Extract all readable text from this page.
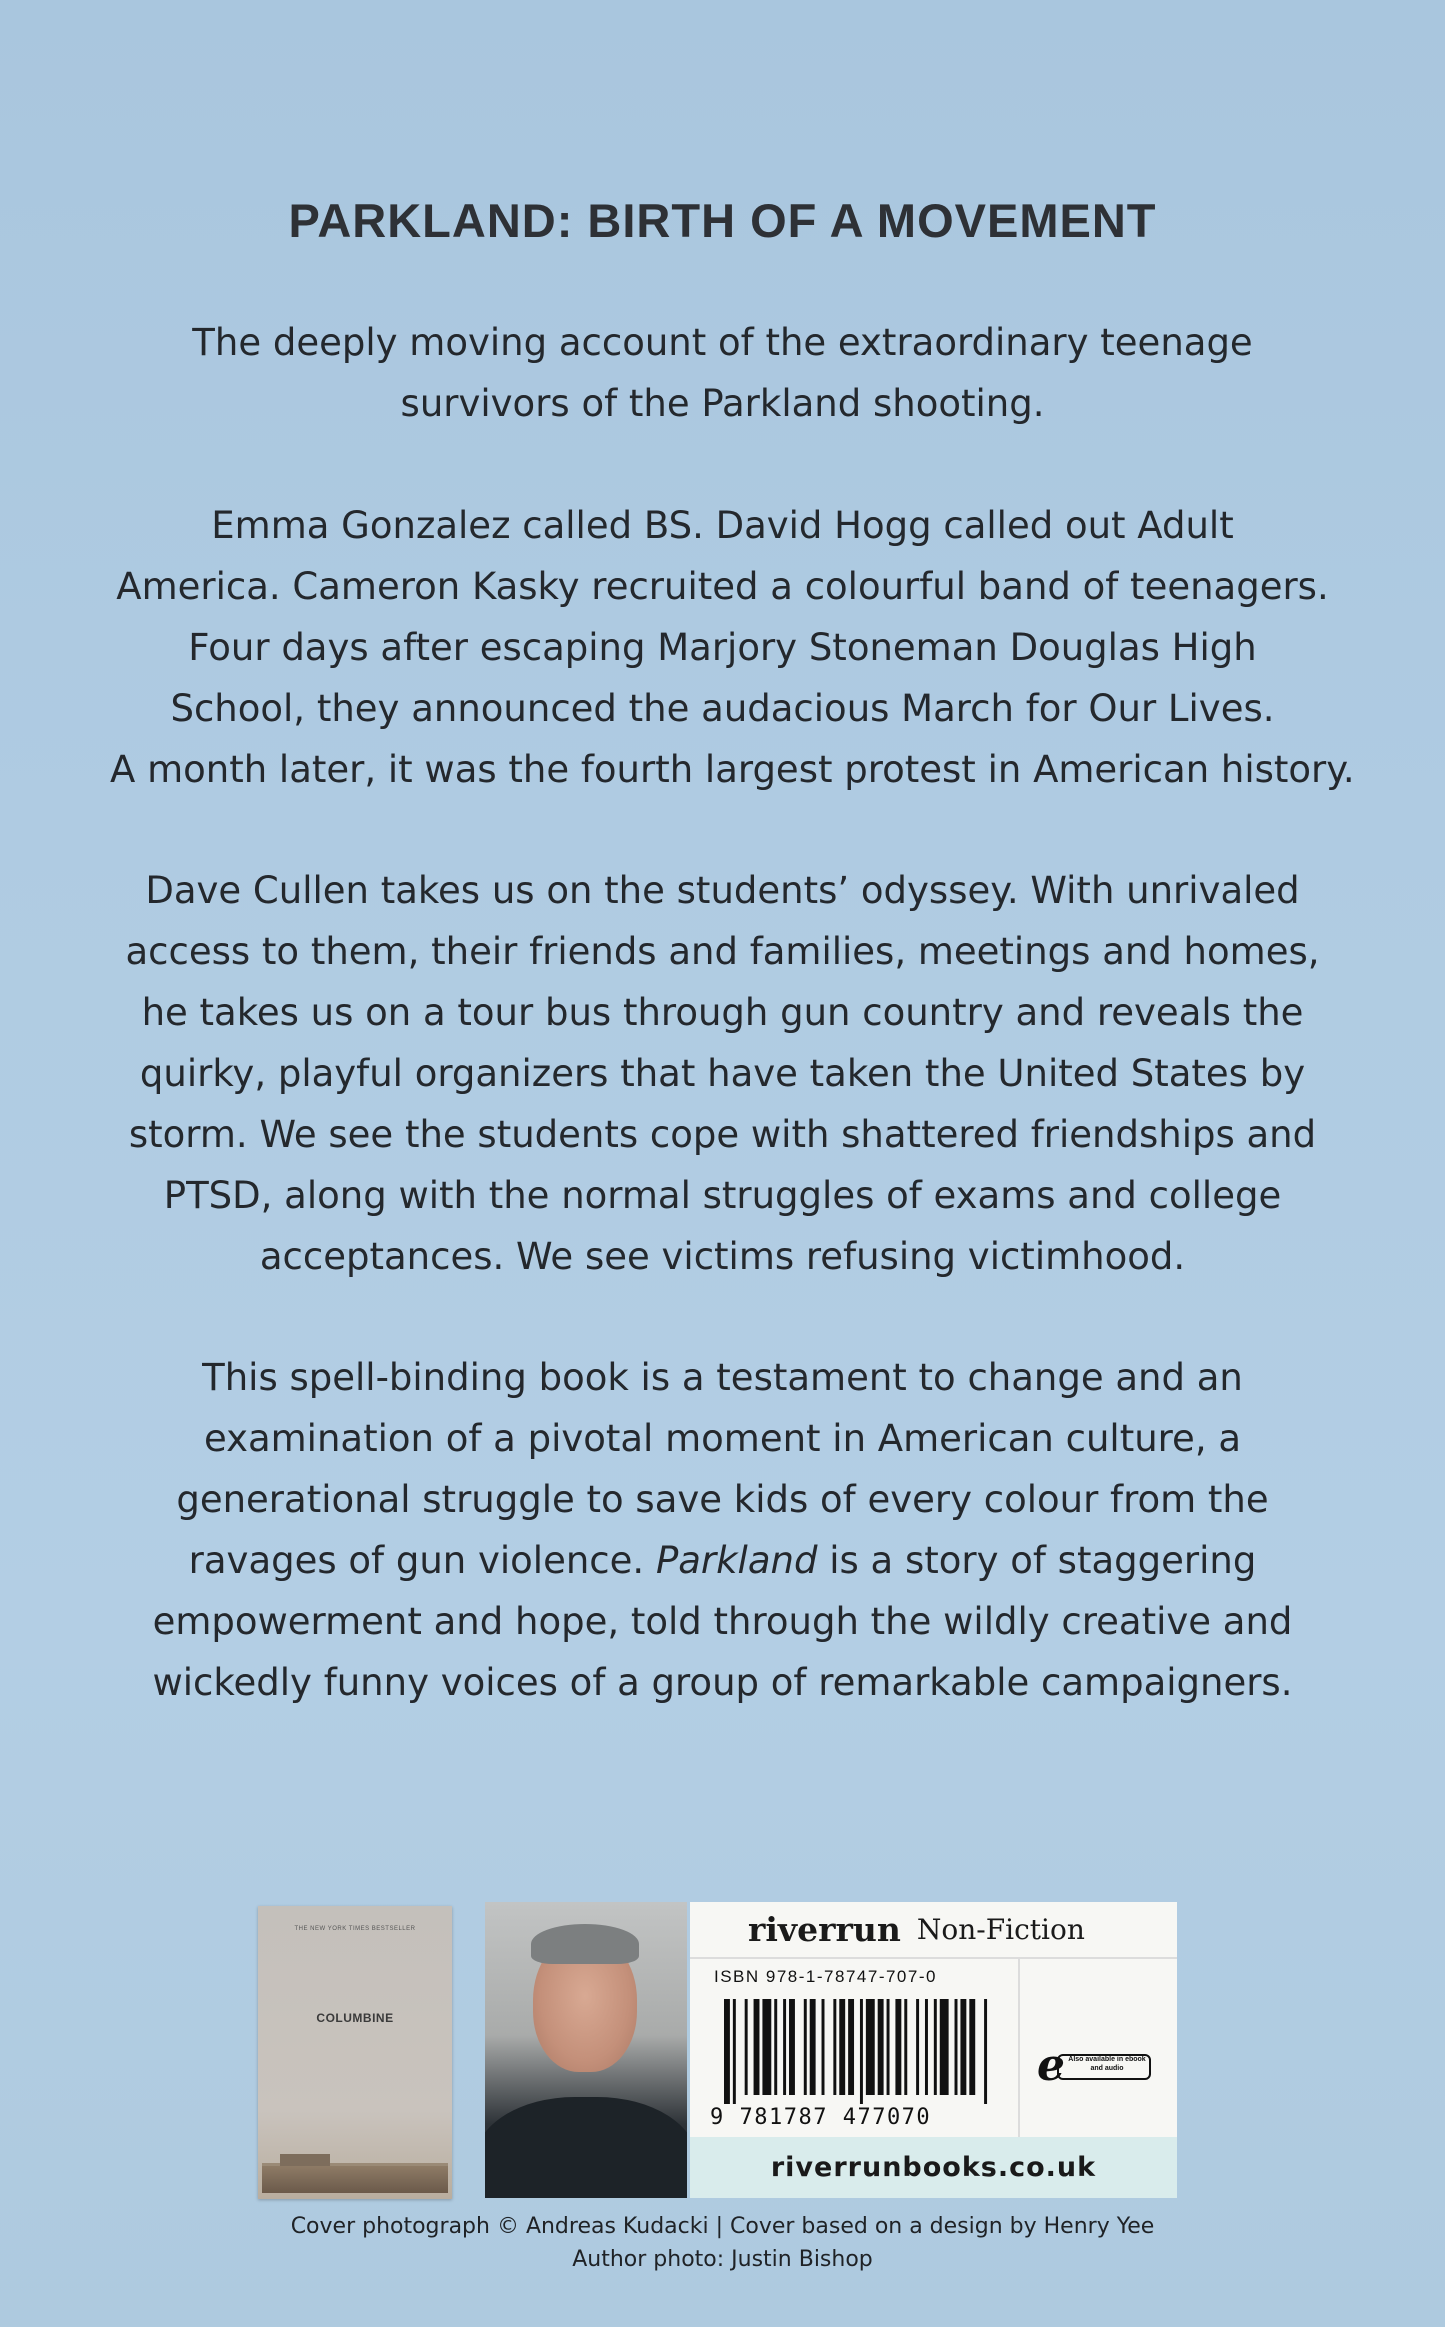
PARKLAND: BIRTH OF A MOVEMENT
The deeply moving account of the extraordinary teenage
survivors of the Parkland shooting.
Emma Gonzalez called BS. David Hogg called out Adult
America. Cameron Kasky recruited a colourful band of teenagers.
Four days after escaping Marjory Stoneman Douglas High
School, they announced the audacious March for Our Lives.
A month later, it was the fourth largest protest in American history.
Dave Cullen takes us on the students’ odyssey. With unrivaled
access to them, their friends and families, meetings and homes,
he takes us on a tour bus through gun country and reveals the
quirky, playful organizers that have taken the United States by
storm. We see the students cope with shattered friendships and
PTSD, along with the normal struggles of exams and college
acceptances. We see victims refusing victimhood.
This spell-binding book is a testament to change and an
examination of a pivotal moment in American culture, a
generational struggle to save kids of every colour from the
ravages of gun violence. Parkland is a story of staggering
empowerment and hope, told through the wildly creative and
wickedly funny voices of a group of remarkable campaigners.
THE NEW YORK TIMES BESTSELLER
COLUMBINE
riverrun Non-Fiction
ISBN 978-1-78747-707-0
9 781787 477070
e Also available in ebook and audio
riverrunbooks.co.uk
Cover photograph © Andreas Kudacki | Cover based on a design by Henry Yee
Author photo: Justin Bishop
